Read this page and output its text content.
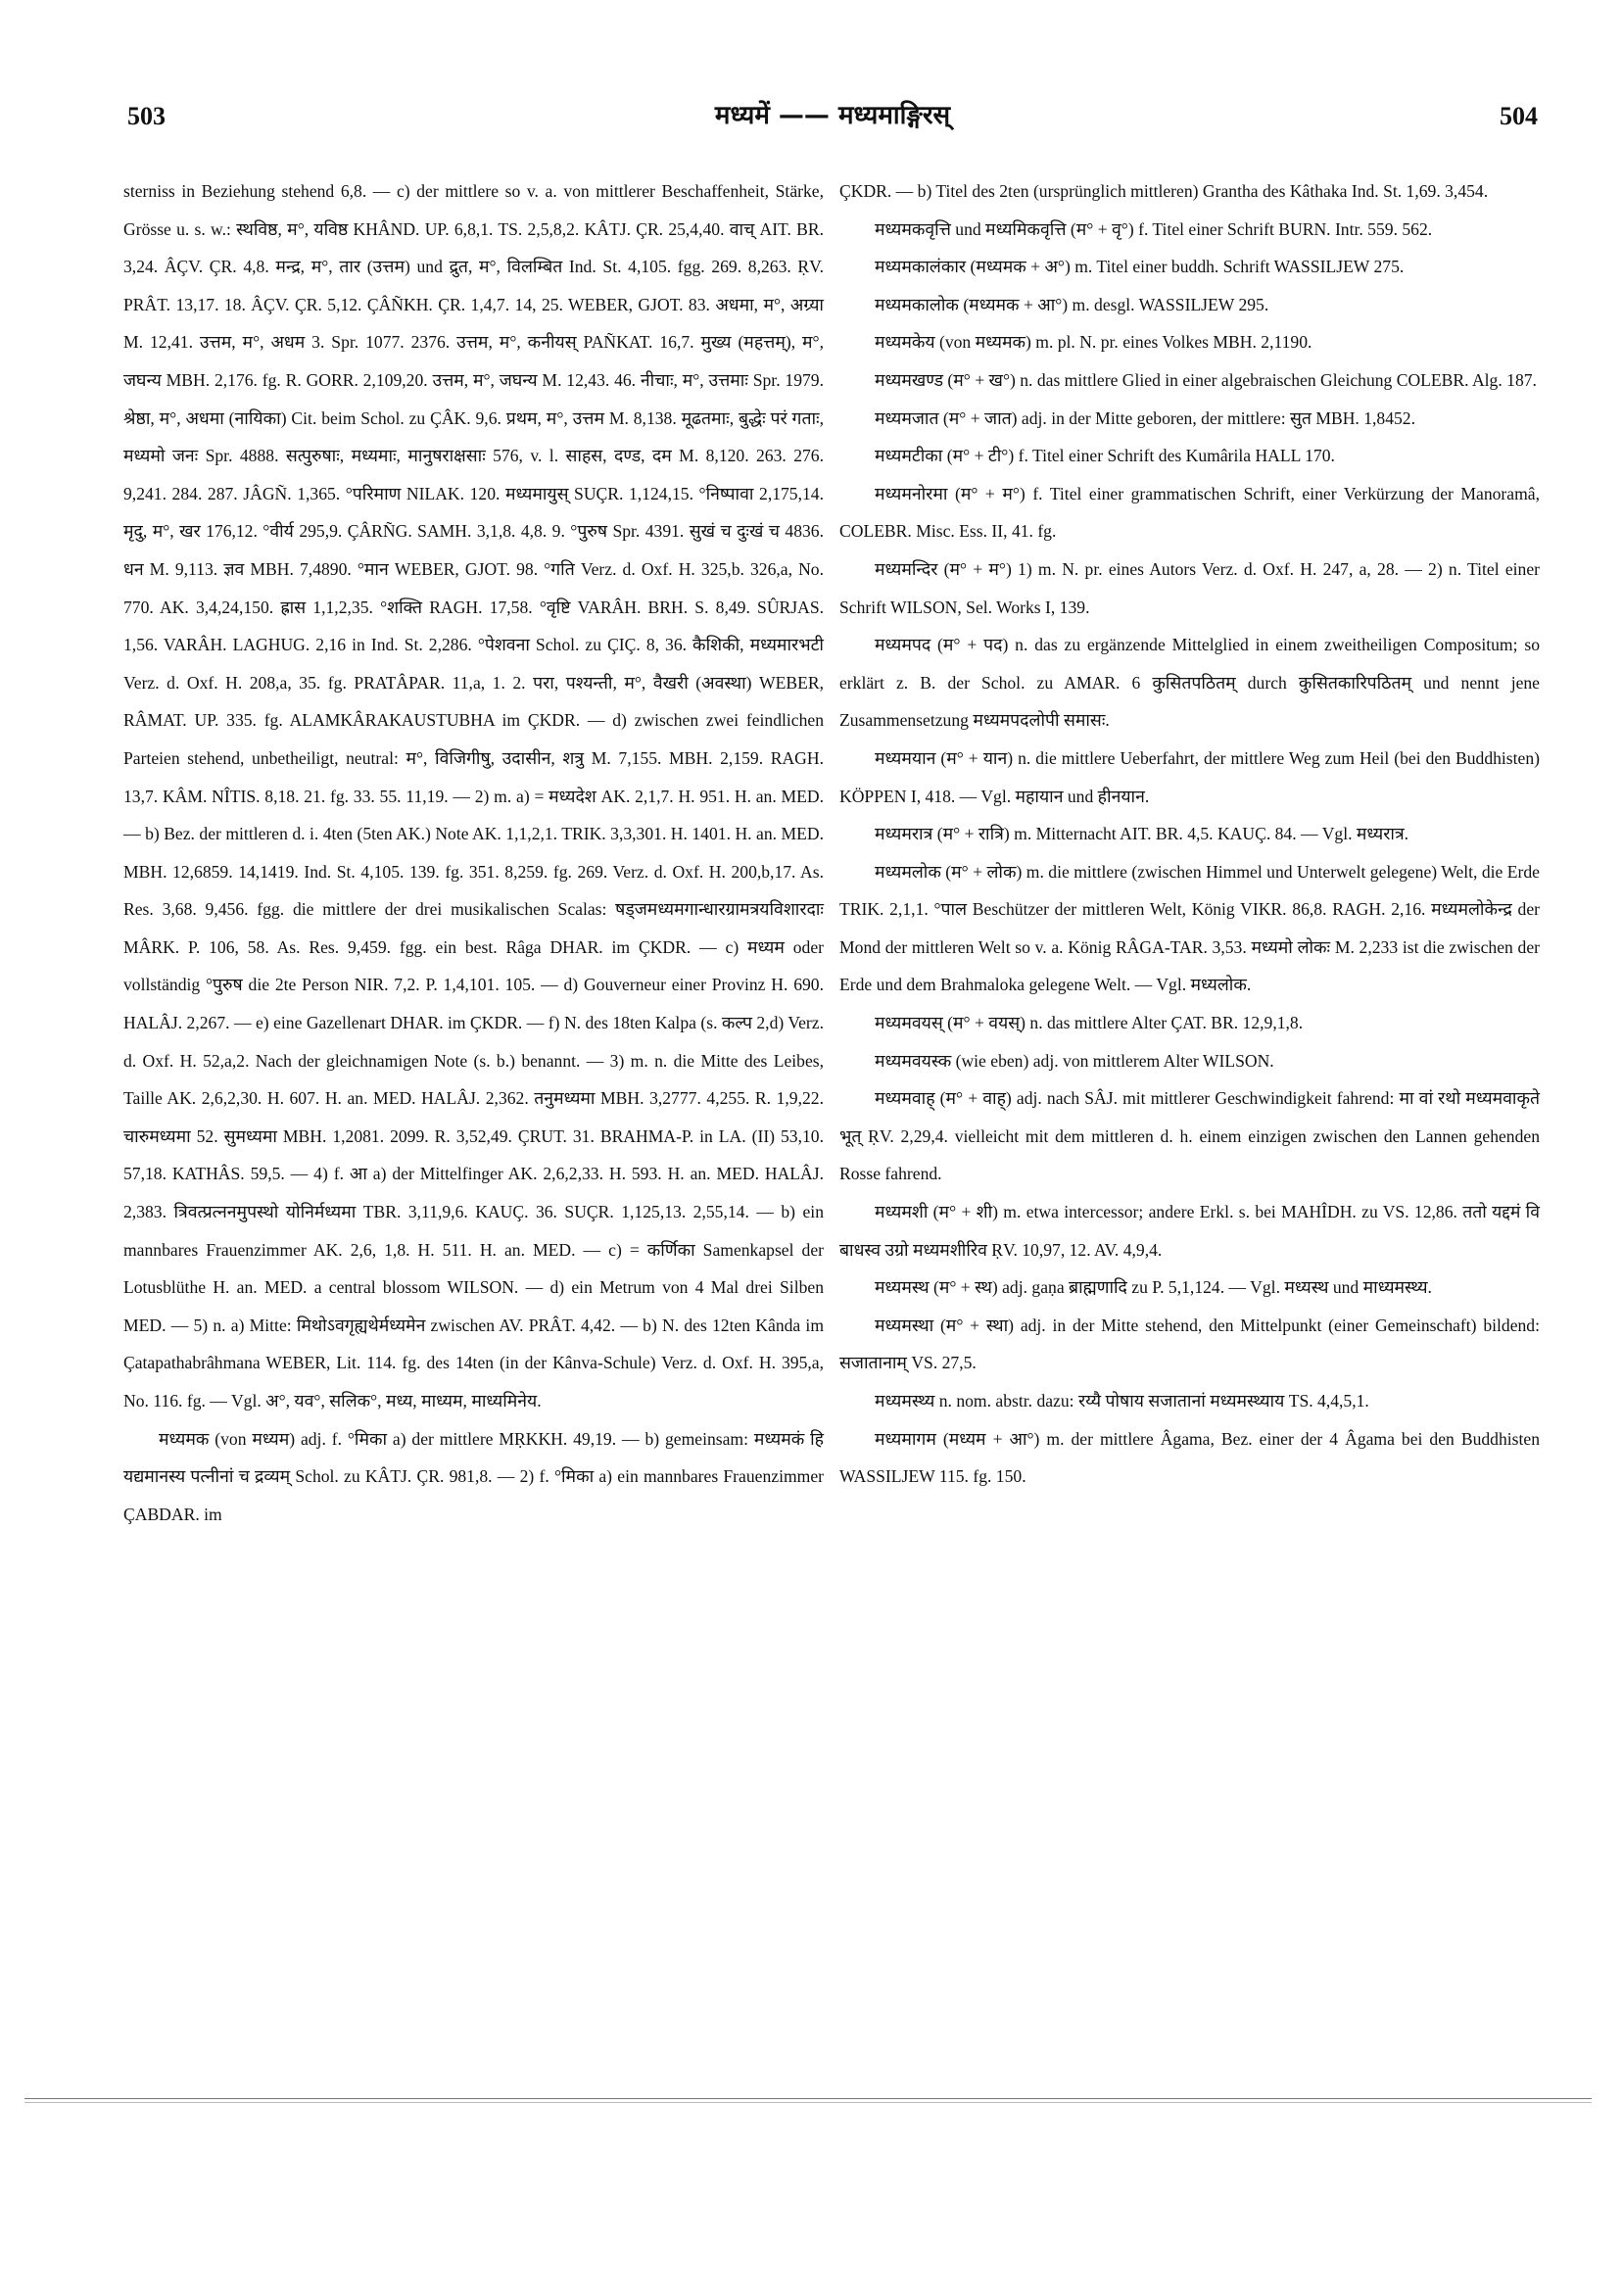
503	मध्यमें —— मध्यमाङ्गिरस्	504

sterniss in Beziehung stehend 6,8. — c) der mittlere so v. a. von mittlerer Beschaffenheit, Stärke, Grösse u. s. w.: स्थविष्ठ, म°, यविष्ठ KHÂND. UP. 6,8,1. TS. 2,5,8,2. KÂTJ. ÇR. 25,4,40. वाच् AIT. BR. 3,24. ÂÇV. ÇR. 4,8. मन्द्र, म°, तार (उत्तम) und द्रुत, म°, विलम्बित Ind. St. 4,105. fgg. 269. 8,263. ṚV. PRÂT. 13,17. 18. ÂÇV. ÇR. 5,12. ÇÂÑKH. ÇR. 1,4,7. 14, 25. WEBER, GJOT. 83. अधमा, म°, अग्र्या M. 12,41. उत्तम, म°, अधम 3. Spr. 1077. 2376. उत्तम, म°, कनीयस् PAÑKAT. 16,7. मुख्य (महत्तम्), म°, जघन्य MBH. 2,176. fg. R. GORR. 2,109,20. उत्तम, म°, जघन्य M. 12,43. 46. नीचाः, म°, उत्तमाः Spr. 1979. श्रेष्ठा, म°, अधमा (नायिका) Cit. beim Schol. zu ÇÂK. 9,6. प्रथम, म°, उत्तम M. 8,138. मूढतमाः, बुद्धेः परं गताः, मध्यमो जनः Spr. 4888. सत्पुरुषाः, मध्यमाः, मानुषराक्षसाः 576, v. l. साहस, दण्ड, दम M. 8,120. 263. 276. 9,241. 284. 287. JÂGÑ. 1,365. °परिमाण NILAK. 120. मध्यमायुस् SUÇR. 1,124,15. °निष्पावा 2,175,14. मृदु, म°, खर 176,12. °वीर्य 295,9. ÇÂRÑG. SAMH. 3,1,8. 4,8. 9. °पुरुष Spr. 4391. सुखं च दुःखं च 4836. धन M. 9,113. ज्ञव MBH. 7,4890. °मान WEBER, GJOT. 98. °गति Verz. d. Oxf. H. 325,b. 326,a, No. 770. AK. 3,4,24,150. ह्रास 1,1,2,35. °शक्ति RAGH. 17,58. °वृष्टि VARÂH. BRH. S. 8,49. SÛRJAS. 1,56. VARÂH. LAGHUG. 2,16 in Ind. St. 2,286. °पेशवना Schol. zu ÇIÇ. 8, 36. कैशिकी, मध्यमारभटी Verz. d. Oxf. H. 208,a, 35. fg. PRATÂPAR. 11,a, 1. 2. परा, पश्यन्ती, म°, वैखरी (अवस्था) WEBER, RÂMAT. UP. 335. fg. ALAMKÂRAKAUSTUBHA im ÇKDR. — d) zwischen zwei feindlichen Parteien stehend, unbetheiligt, neutral: म°, विजिगीषु, उदासीन, शत्रु M. 7,155. MBH. 2,159. RAGH. 13,7. KÂM. NÎTIS. 8,18. 21. fg. 33. 55. 11,19. — 2) m. a) = मध्यदेश AK. 2,1,7. H. 951. H. an. MED. — b) Bez. der mittleren d. i. 4ten (5ten AK.) Note AK. 1,1,2,1. TRIK. 3,3,301. H. 1401. H. an. MED. MBH. 12,6859. 14,1419. Ind. St. 4,105. 139. fg. 351. 8,259. fg. 269. Verz. d. Oxf. H. 200,b,17. As. Res. 3,68. 9,456. fgg. die mittlere der drei musikalischen Scalas: षड्जमध्यमगान्धारग्रामत्रयविशारदाः MÂRK. P. 106, 58. As. Res. 9,459. fgg. ein best. Râga DHAR. im ÇKDR. — c) मध्यम oder vollständig °पुरुष die 2te Person NIR. 7,2. P. 1,4,101. 105. — d) Gouverneur einer Provinz H. 690. HALÂJ. 2,267. — e) eine Gazellenart DHAR. im ÇKDR. — f) N. des 18ten Kalpa (s. कल्प 2,d) Verz. d. Oxf. H. 52,a,2. Nach der gleichnamigen Note (s. b.) benannt. — 3) m. n. die Mitte des Leibes, Taille AK. 2,6,2,30. H. 607. H. an. MED. HALÂJ. 2,362. तनुमध्यमा MBH. 3,2777. 4,255. R. 1,9,22. चारुमध्यमा 52. सुमध्यमा MBH. 1,2081. 2099. R. 3,52,49. ÇRUT. 31. BRAHMA-P. in LA. (II) 53,10. 57,18. KATHÂS. 59,5. — 4) f. आ a) der Mittelfinger AK. 2,6,2,33. H. 593. H. an. MED. HALÂJ. 2,383. त्रिवत्प्रत्ननमुपस्थो योनिर्मध्यमा TBR. 3,11,9,6. KAUÇ. 36. SUÇR. 1,125,13. 2,55,14. — b) ein mannbares Frauenzimmer AK. 2,6, 1,8. H. 511. H. an. MED. — c) = कर्णिका Samenkapsel der Lotusblüthe H. an. MED. a central blossom WILSON. — d) ein Metrum von 4 Mal drei Silben MED. — 5) n. a) Mitte: मिथोऽवगृह्यथेर्मध्यमेन zwischen AV. PRÂT. 4,42. — b) N. des 12ten Kânda im Çatapathabrâhmana WEBER, Lit. 114. fg. des 14ten (in der Kânva-Schule) Verz. d. Oxf. H. 395,a, No. 116. fg. — Vgl. अ°, यव°, सलिक°, मध्य, माध्यम, माध्यमिनेय.

मध्यमक (von मध्यम) adj. f. °मिका a) der mittlere MṚKKH. 49,19. — b) gemeinsam: मध्यमकं हि यद्यमानस्य पत्नीनां च द्रव्यम् Schol. zu KÂTJ. ÇR. 981,8. — 2) f. °मिका a) ein mannbares Frauenzimmer ÇABDAR. im

ÇKDR. — b) Titel des 2ten (ursprünglich mittleren) Grantha des Kâthaka Ind. St. 1,69. 3,454.

मध्यमकवृत्ति und मध्यमिकवृत्ति (म° + वृ°) f. Titel einer Schrift BURN. Intr. 559. 562.

मध्यमकालंकार (मध्यमक + अ°) m. Titel einer buddh. Schrift WASSILJEW 275.

मध्यमकालोक (मध्यमक + आ°) m. desgl. WASSILJEW 295.

मध्यमकेय (von मध्यमक) m. pl. N. pr. eines Volkes MBH. 2,1190.

मध्यमखण्ड (म° + ख°) n. das mittlere Glied in einer algebraischen Gleichung COLEBR. Alg. 187.

मध्यमजात (म° + जात) adj. in der Mitte geboren, der mittlere: सुत MBH. 1,8452.

मध्यमटीका (म° + टी°) f. Titel einer Schrift des Kumârila HALL 170.

मध्यमनोरमा (म° + म°) f. Titel einer grammatischen Schrift, einer Verkürzung der Manoramâ, COLEBR. Misc. Ess. II, 41. fg.

मध्यमन्दिर (म° + म°) 1) m. N. pr. eines Autors Verz. d. Oxf. H. 247, a, 28. — 2) n. Titel einer Schrift WILSON, Sel. Works I, 139.

मध्यमपद (म° + पद) n. das zu ergänzende Mittelglied in einem zweitheiligen Compositum; so erklärt z. B. der Schol. zu AMAR. 6 कुसितपठितम् durch कुसितकारिपठितम् und nennt jene Zusammensetzung मध्यमपदलोपी समासः.

मध्यमयान (म° + यान) n. die mittlere Ueberfahrt, der mittlere Weg zum Heil (bei den Buddhisten) KÖPPEN I, 418. — Vgl. महायान und हीनयान.

मध्यमरात्र (म° + रात्रि) m. Mitternacht AIT. BR. 4,5. KAUÇ. 84. — Vgl. मध्यरात्र.

मध्यमलोक (म° + लोक) m. die mittlere (zwischen Himmel und Unterwelt gelegene) Welt, die Erde TRIK. 2,1,1. °पाल Beschützer der mittleren Welt, König VIKR. 86,8. RAGH. 2,16. मध्यमलोकेन्द्र der Mond der mittleren Welt so v. a. König RÂGA-TAR. 3,53. मध्यमो लोकः M. 2,233 ist die zwischen der Erde und dem Brahmaloka gelegene Welt. — Vgl. मध्यलोक.

मध्यमवयस् (म° + वयस्) n. das mittlere Alter ÇAT. BR. 12,9,1,8.

मध्यमवयस्क (wie eben) adj. von mittlerem Alter WILSON.

मध्यमवाह् (म° + वाह्) adj. nach SÂJ. mit mittlerer Geschwindigkeit fahrend: मा वां रथो मध्यमवाकृते भूत् ṚV. 2,29,4. vielleicht mit dem mittleren d. h. einem einzigen zwischen den Lannen gehenden Rosse fahrend.

मध्यमशी (म° + शी) m. etwa intercessor; andere Erkl. s. bei MAHÎDH. zu VS. 12,86. ततो यद्दमं वि बाधस्व उग्रो मध्यमशीरिव ṚV. 10,97, 12. AV. 4,9,4.

मध्यमस्थ (म° + स्थ) adj. gaṇa ब्राह्मणादि zu P. 5,1,124. — Vgl. मध्यस्थ und माध्यमस्थ्य.

मध्यमस्था (म° + स्था) adj. in der Mitte stehend, den Mittelpunkt (einer Gemeinschaft) bildend: सजातानाम् VS. 27,5.

मध्यमस्थ्य n. nom. abstr. dazu: रय्यै पोषाय सजातानां मध्यमस्थ्याय TS. 4,4,5,1.

मध्यमागम (मध्यम + आ°) m. der mittlere Âgama, Bez. einer der 4 Âgama bei den Buddhisten WASSILJEW 115. fg. 150.
